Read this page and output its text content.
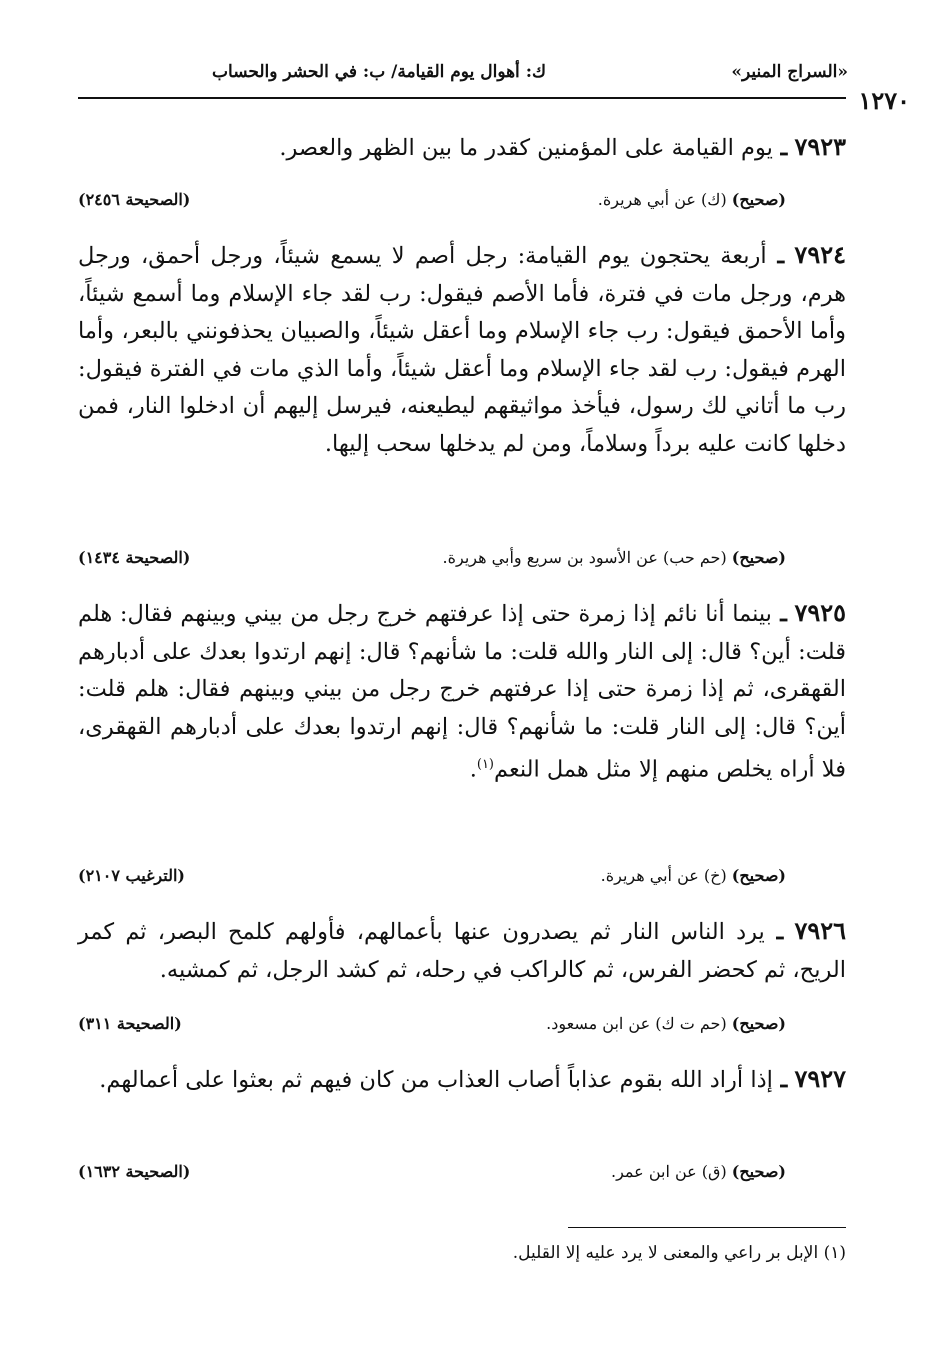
«السراج المنير»
ك: أهوال يوم القيامة/ ب: في الحشر والحساب
١٢٧٠
٧٩٢٣ ـ يوم القيامة على المؤمنين كقدر ما بين الظهر والعصر.
(صحيح) (ك) عن أبي هريرة.
(الصحيحة ٢٤٥٦)
٧٩٢٤ ـ أربعة يحتجون يوم القيامة: رجل أصم لا يسمع شيئاً، ورجل أحمق، ورجل هرم، ورجل مات في فترة، فأما الأصم فيقول: رب لقد جاء الإسلام وما أسمع شيئاً، وأما الأحمق فيقول: رب جاء الإسلام وما أعقل شيئاً، والصبيان يحذفونني بالبعر، وأما الهرم فيقول: رب لقد جاء الإسلام وما أعقل شيئاً، وأما الذي مات في الفترة فيقول: رب ما أتاني لك رسول، فيأخذ مواثيقهم ليطيعنه، فيرسل إليهم أن ادخلوا النار، فمن دخلها كانت عليه برداً وسلاماً، ومن لم يدخلها سحب إليها.
(صحيح) (حم حب) عن الأسود بن سريع وأبي هريرة.
(الصحيحة ١٤٣٤)
٧٩٢٥ ـ بينما أنا نائم إذا زمرة حتى إذا عرفتهم خرج رجل من بيني وبينهم فقال: هلم قلت: أين؟ قال: إلى النار والله قلت: ما شأنهم؟ قال: إنهم ارتدوا بعدك على أدبارهم القهقرى، ثم إذا زمرة حتى إذا عرفتهم خرج رجل من بيني وبينهم فقال: هلم قلت: أين؟ قال: إلى النار قلت: ما شأنهم؟ قال: إنهم ارتدوا بعدك على أدبارهم القهقرى، فلا أراه يخلص منهم إلا مثل همل النعم$^{(١)}$.
(صحيح) (خ) عن أبي هريرة.
(الترغيب ٢١٠٧)
٧٩٢٦ ـ يرد الناس النار ثم يصدرون عنها بأعمالهم، فأولهم كلمح البصر، ثم كمر الريح، ثم كحضر الفرس، ثم كالراكب في رحله، ثم كشد الرجل، ثم كمشيه.
(صحيح) (حم ت ك) عن ابن مسعود.
(الصحيحة ٣١١)
٧٩٢٧ ـ إذا أراد الله بقوم عذاباً أصاب العذاب من كان فيهم ثم بعثوا على أعمالهم.
(صحيح) (ق) عن ابن عمر.
(الصحيحة ١٦٣٢)
(١) الإبل بر راعي والمعنى لا يرد عليه إلا القليل.
